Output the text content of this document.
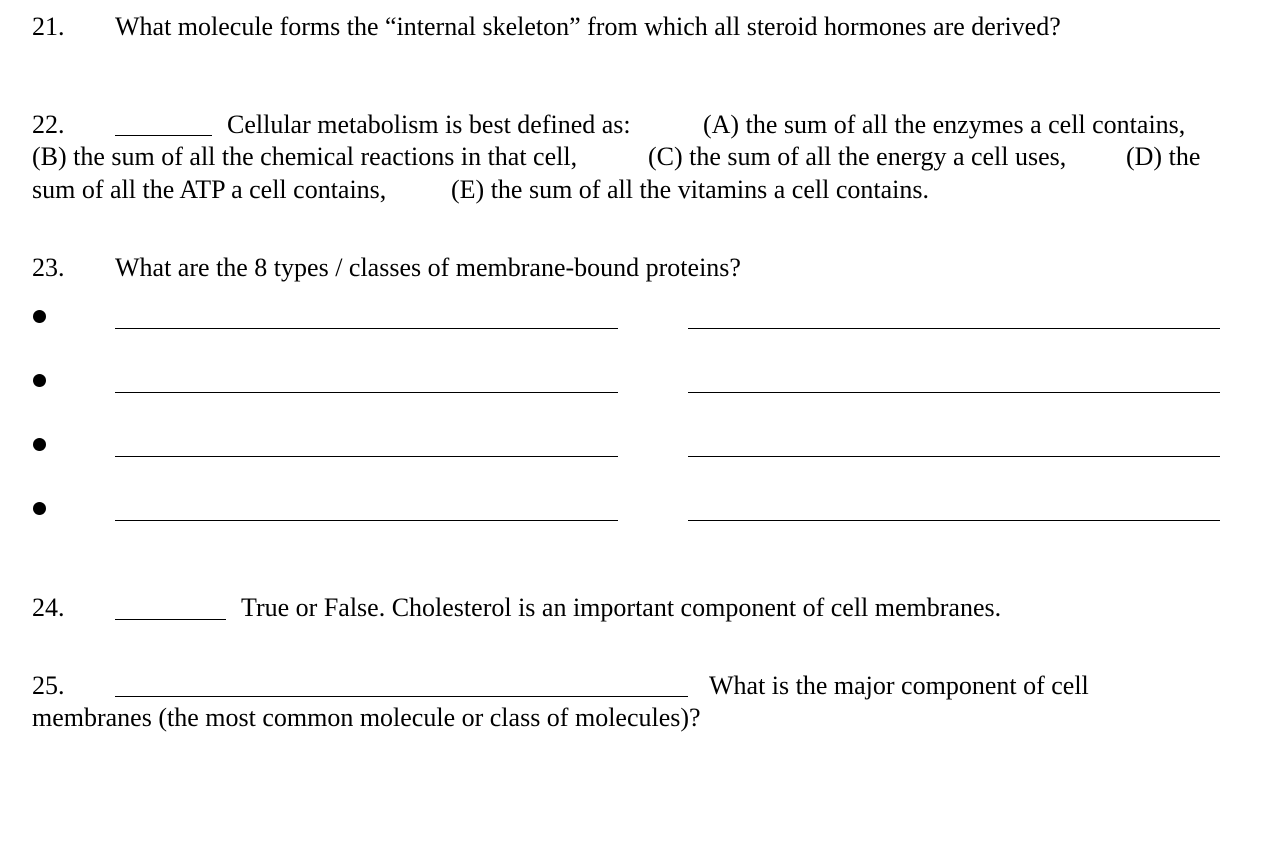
21. What molecule forms the “internal skeleton” from which all steroid hormones are derived?
22.	Cellular metabolism is best defined as:	(A) the sum of all the enzymes a cell contains,
(B) the sum of all the chemical reactions in that cell,	(C) the sum of all the energy a cell uses, (D) the
sum of all the ATP a cell contains, (E) the sum of all the vitamins a cell contains.
23. What are the 8 types / classes of membrane-bound proteins?
24.	True or False. Cholesterol is an important component of cell membranes.
25.	What is the major component of cell
membranes (the most common molecule or class of molecules)?
